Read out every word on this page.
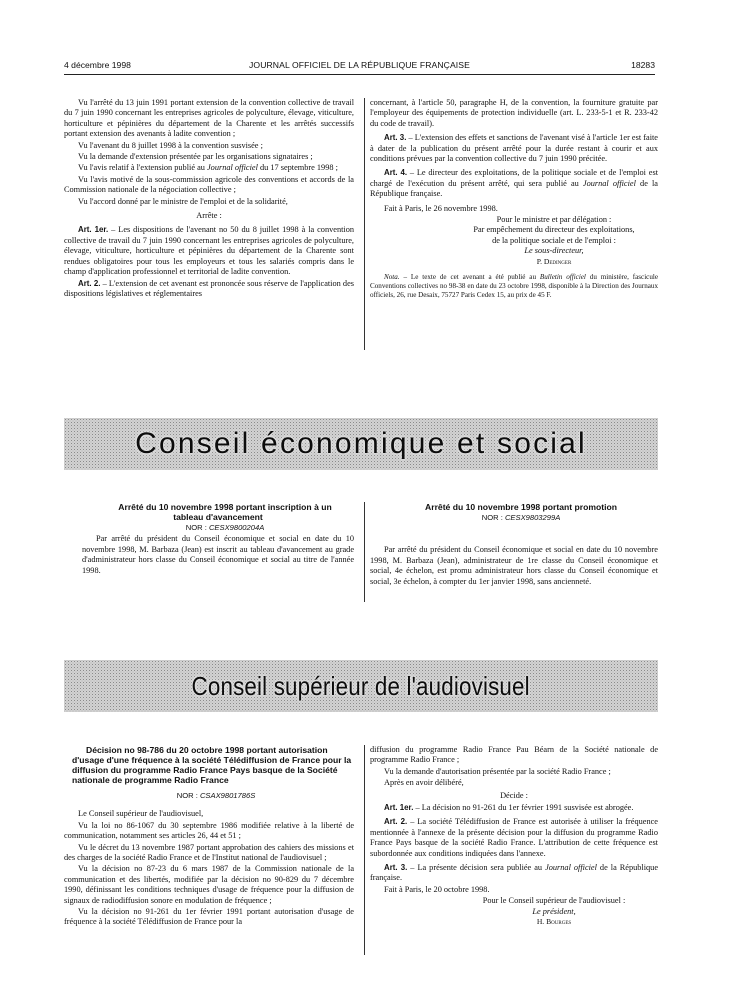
4 décembre 1998	JOURNAL OFFICIEL DE LA RÉPUBLIQUE FRANÇAISE	18283

Vu l'arrêté du 13 juin 1991 portant extension de la convention collective de travail du 7 juin 1990 concernant les entreprises agricoles de polyculture, élevage, viticulture, horticulture et pépinières du département de la Charente et les arrêtés successifs portant extension des avenants à ladite convention ;

Vu l'avenant du 8 juillet 1998 à la convention susvisée ;

Vu la demande d'extension présentée par les organisations signataires ;

Vu l'avis relatif à l'extension publié au Journal officiel du 17 septembre 1998 ;

Vu l'avis motivé de la sous-commission agricole des conventions et accords de la Commission nationale de la négociation collective ;

Vu l'accord donné par le ministre de l'emploi et de la solidarité,

Arrête :

Art. 1er. – Les dispositions de l'avenant no 50 du 8 juillet 1998 à la convention collective de travail du 7 juin 1990 concernant les entreprises agricoles de polyculture, élevage, viticulture, horticulture et pépinières du département de la Charente sont rendues obligatoires pour tous les employeurs et tous les salariés compris dans le champ d'application professionnel et territorial de ladite convention.

Art. 2. – L'extension de cet avenant est prononcée sous réserve de l'application des dispositions législatives et réglementaires

concernant, à l'article 50, paragraphe H, de la convention, la fourniture gratuite par l'employeur des équipements de protection individuelle (art. L. 233-5-1 et R. 233-42 du code de travail).

Art. 3. – L'extension des effets et sanctions de l'avenant visé à l'article 1er est faite à dater de la publication du présent arrêté pour la durée restant à courir et aux conditions prévues par la convention collective du 7 juin 1990 précitée.

Art. 4. – Le directeur des exploitations, de la politique sociale et de l'emploi est chargé de l'exécution du présent arrêté, qui sera publié au Journal officiel de la République française.

Fait à Paris, le 26 novembre 1998.

Pour le ministre et par délégation :

Par empêchement du directeur des exploitations,

de la politique sociale et de l'emploi :

Le sous-directeur,

P. Dedinger

Nota. – Le texte de cet avenant a été publié au Bulletin officiel du ministère, fascicule Conventions collectives no 98-38 en date du 23 octobre 1998, disponible à la Direction des Journaux officiels, 26, rue Desaix, 75727 Paris Cedex 15, au prix de 45 F.

Conseil économique et social

Arrêté du 10 novembre 1998 portant inscription à un tableau d'avancement

NOR : CESX9800204A

Par arrêté du président du Conseil économique et social en date du 10 novembre 1998, M. Barbaza (Jean) est inscrit au tableau d'avancement au grade d'administrateur hors classe du Conseil économique et social au titre de l'année 1998.

Arrêté du 10 novembre 1998 portant promotion

NOR : CESX9803299A

Par arrêté du président du Conseil économique et social en date du 10 novembre 1998, M. Barbaza (Jean), administrateur de 1re classe du Conseil économique et social, 4e échelon, est promu administrateur hors classe du Conseil économique et social, 3e échelon, à compter du 1er janvier 1998, sans ancienneté.

Conseil supérieur de l'audiovisuel

Décision no 98-786 du 20 octobre 1998 portant autorisation d'usage d'une fréquence à la société Télédiffusion de France pour la diffusion du programme Radio France Pays basque de la Société nationale de programme Radio France

NOR : CSAX9801786S

Le Conseil supérieur de l'audiovisuel,

Vu la loi no 86-1067 du 30 septembre 1986 modifiée relative à la liberté de communication, notamment ses articles 26, 44 et 51 ;

Vu le décret du 13 novembre 1987 portant approbation des cahiers des missions et des charges de la société Radio France et de l'Institut national de l'audiovisuel ;

Vu la décision no 87-23 du 6 mars 1987 de la Commission nationale de la communication et des libertés, modifiée par la décision no 90-829 du 7 décembre 1990, définissant les conditions techniques d'usage de fréquence pour la diffusion de signaux de radiodiffusion sonore en modulation de fréquence ;

Vu la décision no 91-261 du 1er février 1991 portant autorisation d'usage de fréquence à la société Télédiffusion de France pour la

diffusion du programme Radio France Pau Béarn de la Société nationale de programme Radio France ;

Vu la demande d'autorisation présentée par la société Radio France ;

Après en avoir délibéré,

Décide :

Art. 1er. – La décision no 91-261 du 1er février 1991 susvisée est abrogée.

Art. 2. – La société Télédiffusion de France est autorisée à utiliser la fréquence mentionnée à l'annexe de la présente décision pour la diffusion du programme Radio France Pays basque de la société Radio France. L'attribution de cette fréquence est subordonnée aux conditions indiquées dans l'annexe.

Art. 3. – La présente décision sera publiée au Journal officiel de la République française.

Fait à Paris, le 20 octobre 1998.

Pour le Conseil supérieur de l'audiovisuel :

Le président,

H. Bourges
